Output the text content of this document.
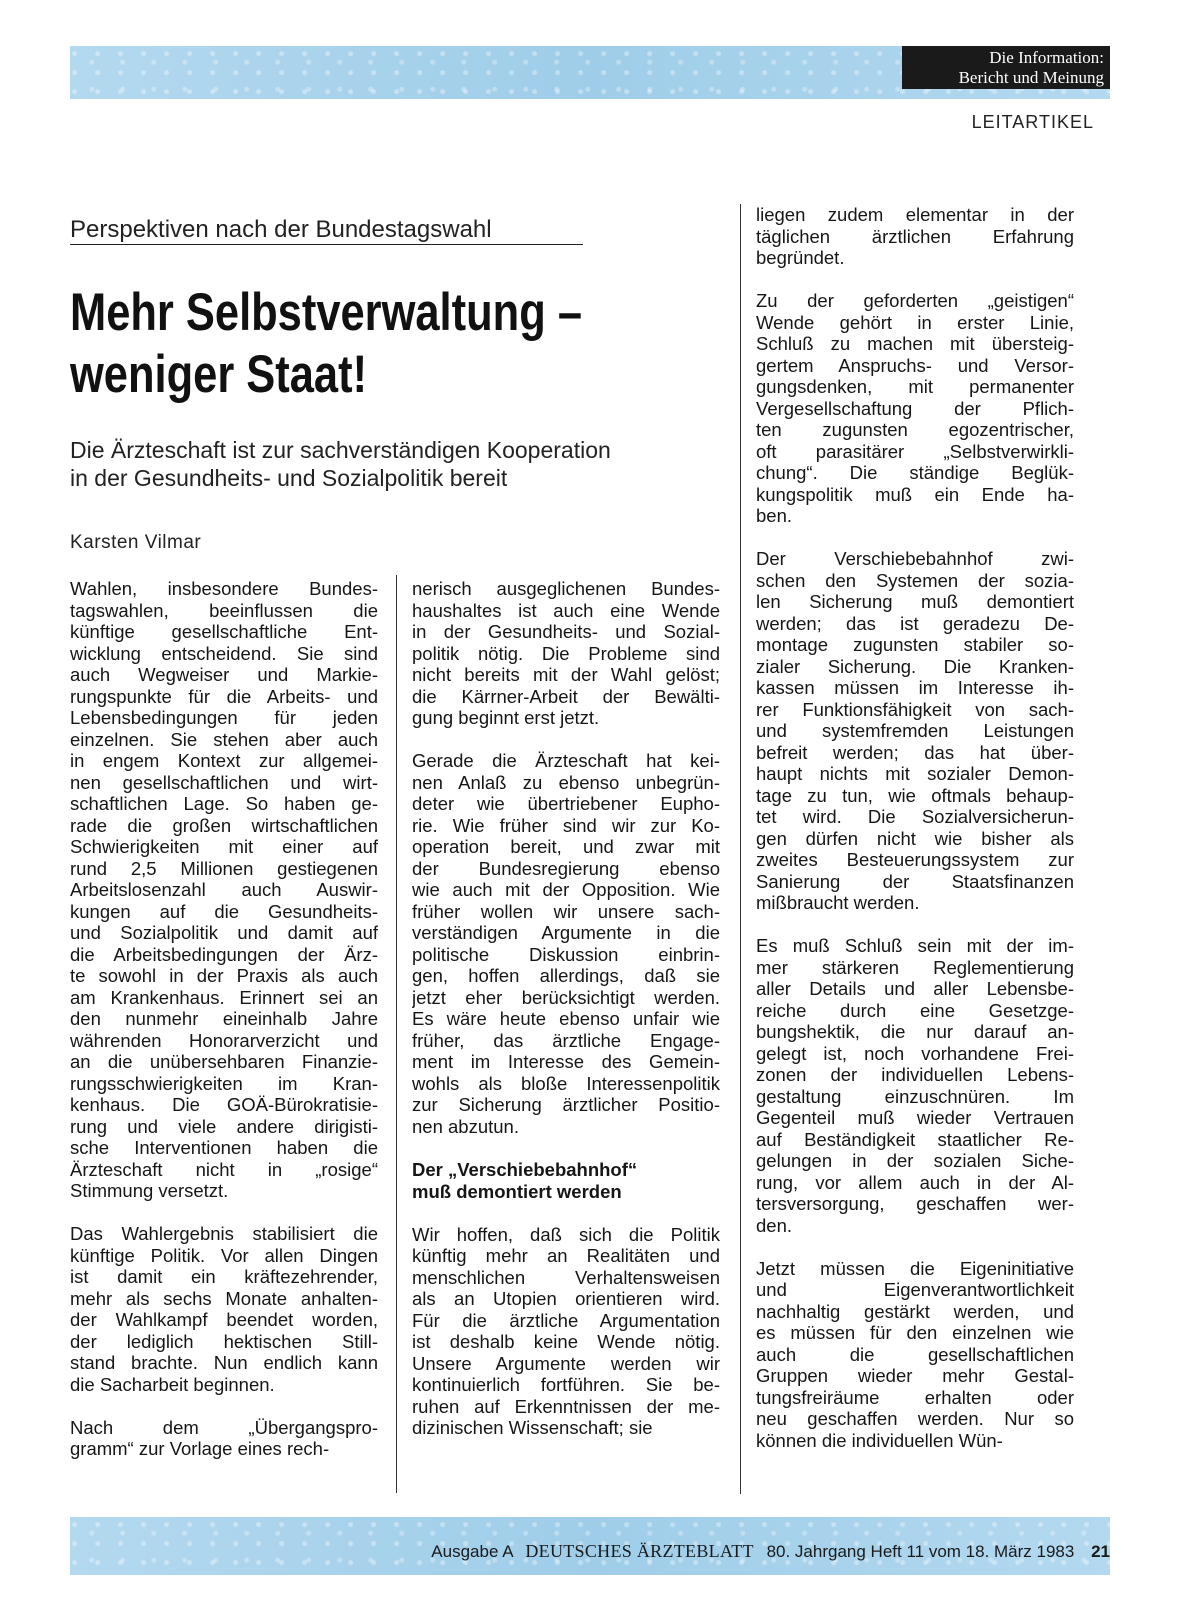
Die Information:
Bericht und Meinung
LEITARTIKEL
Perspektiven nach der Bundestagswahl
Mehr Selbstverwaltung –
weniger Staat!
Die Ärzteschaft ist zur sachverständigen Kooperation
in der Gesundheits- und Sozialpolitik bereit
Karsten Vilmar

Wahlen, insbesondere Bundes-
tagswahlen, beeinflussen die
künftige gesellschaftliche Ent-
wicklung entscheidend. Sie sind
auch Wegweiser und Markie-
rungspunkte für die Arbeits- und
Lebensbedingungen für jeden
einzelnen. Sie stehen aber auch
in engem Kontext zur allgemei-
nen gesellschaftlichen und wirt-
schaftlichen Lage. So haben ge-
rade die großen wirtschaftlichen
Schwierigkeiten mit einer auf
rund 2,5 Millionen gestiegenen
Arbeitslosenzahl auch Auswir-
kungen auf die Gesundheits-
und Sozialpolitik und damit auf
die Arbeitsbedingungen der Ärz-
te sowohl in der Praxis als auch
am Krankenhaus. Erinnert sei an
den nunmehr eineinhalb Jahre
währenden Honorarverzicht und
an die unübersehbaren Finanzie-
rungsschwierigkeiten im Kran-
kenhaus. Die GOÄ-Bürokratisie-
rung und viele andere dirigisti-
sche Interventionen haben die
Ärzteschaft nicht in „rosige“
Stimmung versetzt.

Das Wahlergebnis stabilisiert die
künftige Politik. Vor allen Dingen
ist damit ein kräftezehrender,
mehr als sechs Monate anhalten-
der Wahlkampf beendet worden,
der lediglich hektischen Still-
stand brachte. Nun endlich kann
die Sacharbeit beginnen.

Nach dem „Übergangspro-
gramm“ zur Vorlage eines rech-

nerisch ausgeglichenen Bundes-
haushaltes ist auch eine Wende
in der Gesundheits- und Sozial-
politik nötig. Die Probleme sind
nicht bereits mit der Wahl gelöst;
die Kärrner-Arbeit der Bewälti-
gung beginnt erst jetzt.

Gerade die Ärzteschaft hat kei-
nen Anlaß zu ebenso unbegrün-
deter wie übertriebener Eupho-
rie. Wie früher sind wir zur Ko-
operation bereit, und zwar mit
der Bundesregierung ebenso
wie auch mit der Opposition. Wie
früher wollen wir unsere sach-
verständigen Argumente in die
politische Diskussion einbrin-
gen, hoffen allerdings, daß sie
jetzt eher berücksichtigt werden.
Es wäre heute ebenso unfair wie
früher, das ärztliche Engage-
ment im Interesse des Gemein-
wohls als bloße Interessenpolitik
zur Sicherung ärztlicher Positio-
nen abzutun.

Der „Verschiebebahnhof“
muß demontiert werden

Wir hoffen, daß sich die Politik
künftig mehr an Realitäten und
menschlichen Verhaltensweisen
als an Utopien orientieren wird.
Für die ärztliche Argumentation
ist deshalb keine Wende nötig.
Unsere Argumente werden wir
kontinuierlich fortführen. Sie be-
ruhen auf Erkenntnissen der me-
dizinischen Wissenschaft; sie

liegen zudem elementar in der
täglichen ärztlichen Erfahrung
begründet.

Zu der geforderten „geistigen“
Wende gehört in erster Linie,
Schluß zu machen mit übersteig-
gertem Anspruchs- und Versor-
gungsdenken, mit permanenter
Vergesellschaftung der Pflich-
ten zugunsten egozentrischer,
oft parasitärer „Selbstverwirkli-
chung“. Die ständige Beglük-
kungspolitik muß ein Ende ha-
ben.

Der Verschiebebahnhof zwi-
schen den Systemen der sozia-
len Sicherung muß demontiert
werden; das ist geradezu De-
montage zugunsten stabiler so-
zialer Sicherung. Die Kranken-
kassen müssen im Interesse ih-
rer Funktionsfähigkeit von sach-
und systemfremden Leistungen
befreit werden; das hat über-
haupt nichts mit sozialer Demon-
tage zu tun, wie oftmals behaup-
tet wird. Die Sozialversicherun-
gen dürfen nicht wie bisher als
zweites Besteuerungssystem zur
Sanierung der Staatsfinanzen
mißbraucht werden.

Es muß Schluß sein mit der im-
mer stärkeren Reglementierung
aller Details und aller Lebensbe-
reiche durch eine Gesetzge-
bungshektik, die nur darauf an-
gelegt ist, noch vorhandene Frei-
zonen der individuellen Lebens-
gestaltung einzuschnüren. Im
Gegenteil muß wieder Vertrauen
auf Beständigkeit staatlicher Re-
gelungen in der sozialen Siche-
rung, vor allem auch in der Al-
tersversorgung, geschaffen wer-
den.

Jetzt müssen die Eigeninitiative
und Eigenverantwortlichkeit
nachhaltig gestärkt werden, und
es müssen für den einzelnen wie
auch die gesellschaftlichen
Gruppen wieder mehr Gestal-
tungsfreiräume erhalten oder
neu geschaffen werden. Nur so
können die individuellen Wün-

Ausgabe A DEUTSCHES ÄRZTEBLATT 80. Jahrgang Heft 11 vom 18. März 1983 21
